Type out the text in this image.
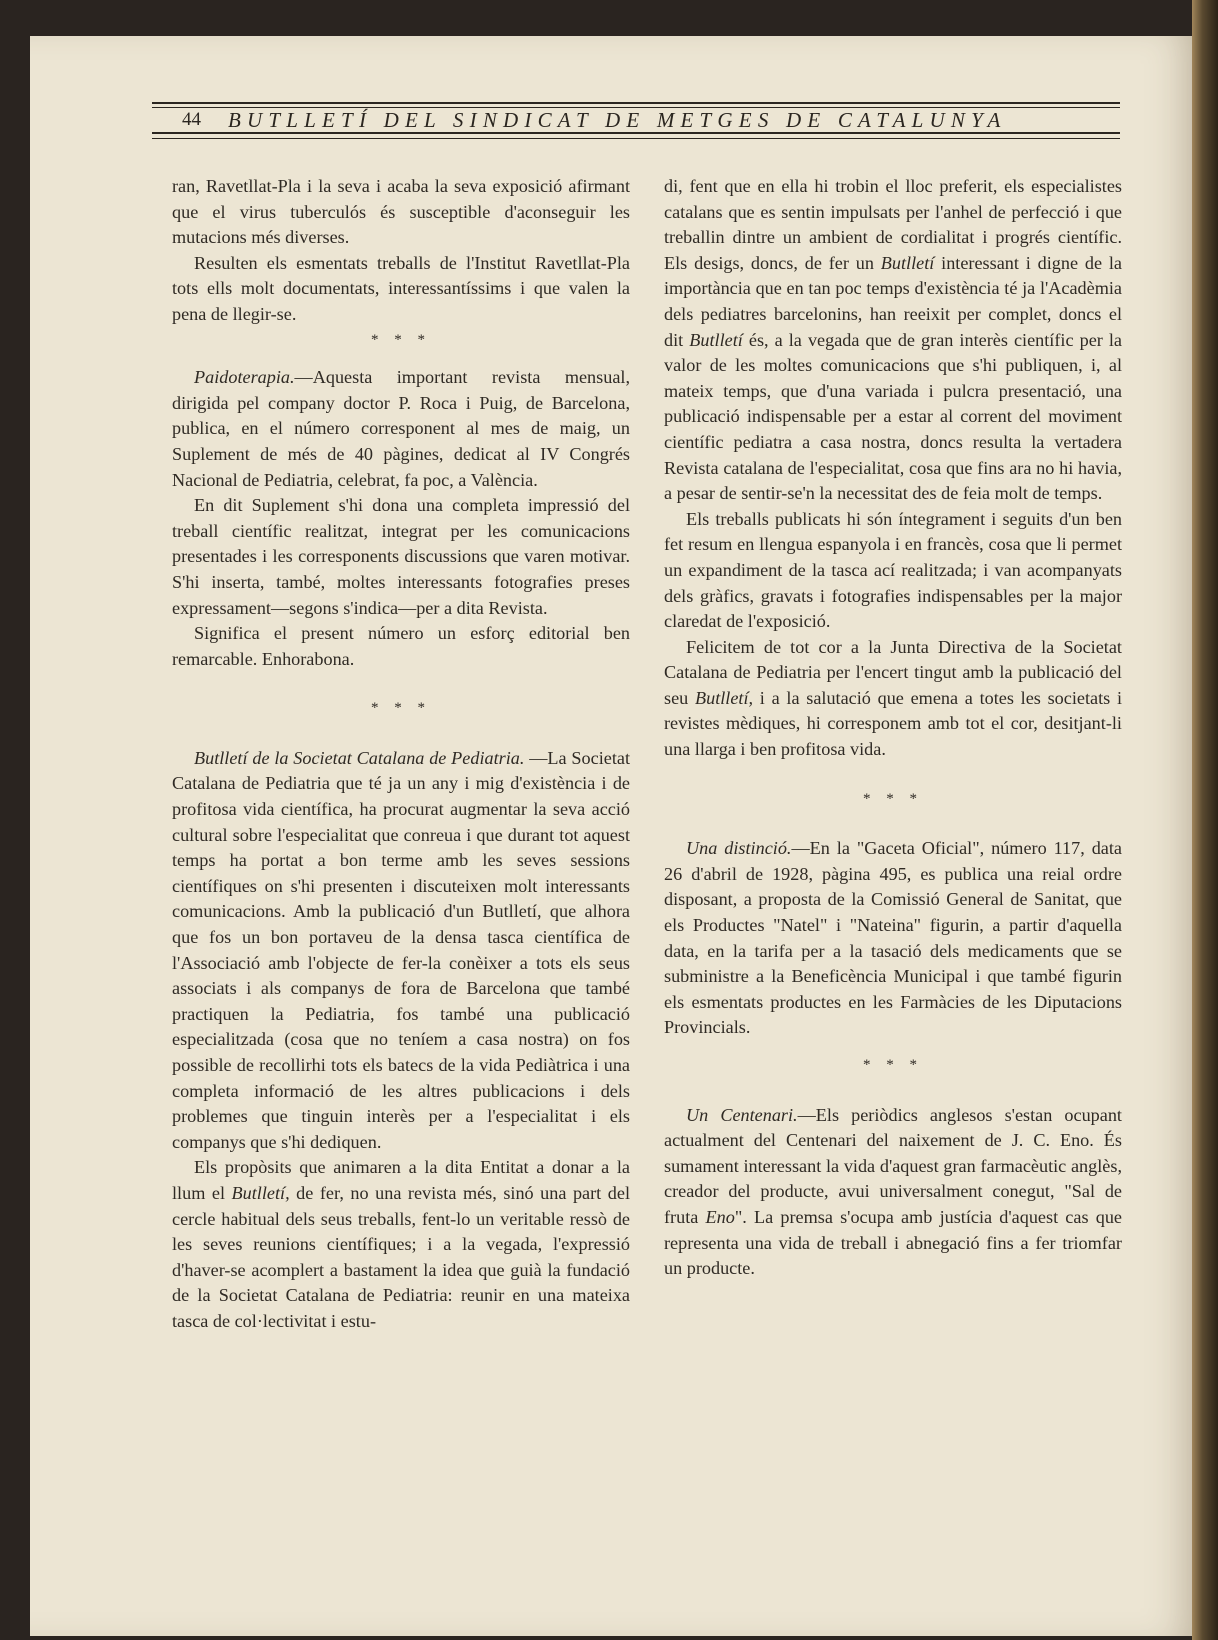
44	BUTLLETÍ DEL SINDICAT DE METGES DE CATALUNYA

ran, Ravetllat-Pla i la seva i acaba la seva exposició afirmant que el virus tuberculós és susceptible d'aconseguir les mutacions més diverses.

Resulten els esmentats treballs de l'Institut Ravetllat-Pla tots ells molt documentats, interessantíssims i que valen la pena de llegir-se.

* * *

Paidoterapia.—Aquesta important revista mensual, dirigida pel company doctor P. Roca i Puig, de Barcelona, publica, en el número corresponent al mes de maig, un Suplement de més de 40 pàgines, dedicat al IV Congrés Nacional de Pediatria, celebrat, fa poc, a València.

En dit Suplement s'hi dona una completa impressió del treball científic realitzat, integrat per les comunicacions presentades i les corresponents discussions que varen motivar. S'hi inserta, també, moltes interessants fotografies preses expressament—segons s'indica—per a dita Revista.

Significa el present número un esforç editorial ben remarcable. Enhorabona.

* * *

Butlletí de la Societat Catalana de Pediatria. —La Societat Catalana de Pediatria que té ja un any i mig d'existència i de profitosa vida científica, ha procurat augmentar la seva acció cultural sobre l'especialitat que conreua i que durant tot aquest temps ha portat a bon terme amb les seves sessions científiques on s'hi presenten i discuteixen molt interessants comunicacions. Amb la publicació d'un Butlletí, que alhora que fos un bon portaveu de la densa tasca científica de l'Associació amb l'objecte de fer-la conèixer a tots els seus associats i als companys de fora de Barcelona que també practiquen la Pediatria, fos també una publicació especialitzada (cosa que no teníem a casa nostra) on fos possible de recollirhi tots els batecs de la vida Pediàtrica i una completa informació de les altres publicacions i dels problemes que tinguin interès per a l'especialitat i els companys que s'hi dediquen.

Els propòsits que animaren a la dita Entitat a donar a la llum el Butlletí, de fer, no una revista més, sinó una part del cercle habitual dels seus treballs, fent-lo un veritable ressò de les seves reunions científiques; i a la vegada, l'expressió d'haver-se acomplert a bastament la idea que guià la fundació de la Societat Catalana de Pediatria: reunir en una mateixa tasca de col·lectivitat i estu-

di, fent que en ella hi trobin el lloc preferit, els especialistes catalans que es sentin impulsats per l'anhel de perfecció i que treballin dintre un ambient de cordialitat i progrés científic. Els desigs, doncs, de fer un Butlletí interessant i digne de la importància que en tan poc temps d'existència té ja l'Acadèmia dels pediatres barcelonins, han reeixit per complet, doncs el dit Butlletí és, a la vegada que de gran interès científic per la valor de les moltes comunicacions que s'hi publiquen, i, al mateix temps, que d'una variada i pulcra presentació, una publicació indispensable per a estar al corrent del moviment científic pediatra a casa nostra, doncs resulta la vertadera Revista catalana de l'especialitat, cosa que fins ara no hi havia, a pesar de sentir-se'n la necessitat des de feia molt de temps.

Els treballs publicats hi són íntegrament i seguits d'un ben fet resum en llengua espanyola i en francès, cosa que li permet un expandiment de la tasca ací realitzada; i van acompanyats dels gràfics, gravats i fotografies indispensables per la major claredat de l'exposició.

Felicitem de tot cor a la Junta Directiva de la Societat Catalana de Pediatria per l'encert tingut amb la publicació del seu Butlletí, i a la salutació que emena a totes les societats i revistes mèdiques, hi corresponem amb tot el cor, desitjant-li una llarga i ben profitosa vida.

* * *

Una distinció.—En la "Gaceta Oficial", número 117, data 26 d'abril de 1928, pàgina 495, es publica una reial ordre disposant, a proposta de la Comissió General de Sanitat, que els Productes "Natel" i "Nateina" figurin, a partir d'aquella data, en la tarifa per a la tasació dels medicaments que se subministre a la Beneficència Municipal i que també figurin els esmentats productes en les Farmàcies de les Diputacions Provincials.

* * *

Un Centenari.—Els periòdics anglesos s'estan ocupant actualment del Centenari del naixement de J. C. Eno. És sumament interessant la vida d'aquest gran farmacèutic anglès, creador del producte, avui universalment conegut, "Sal de fruta Eno". La premsa s'ocupa amb justícia d'aquest cas que representa una vida de treball i abnegació fins a fer triomfar un producte.
